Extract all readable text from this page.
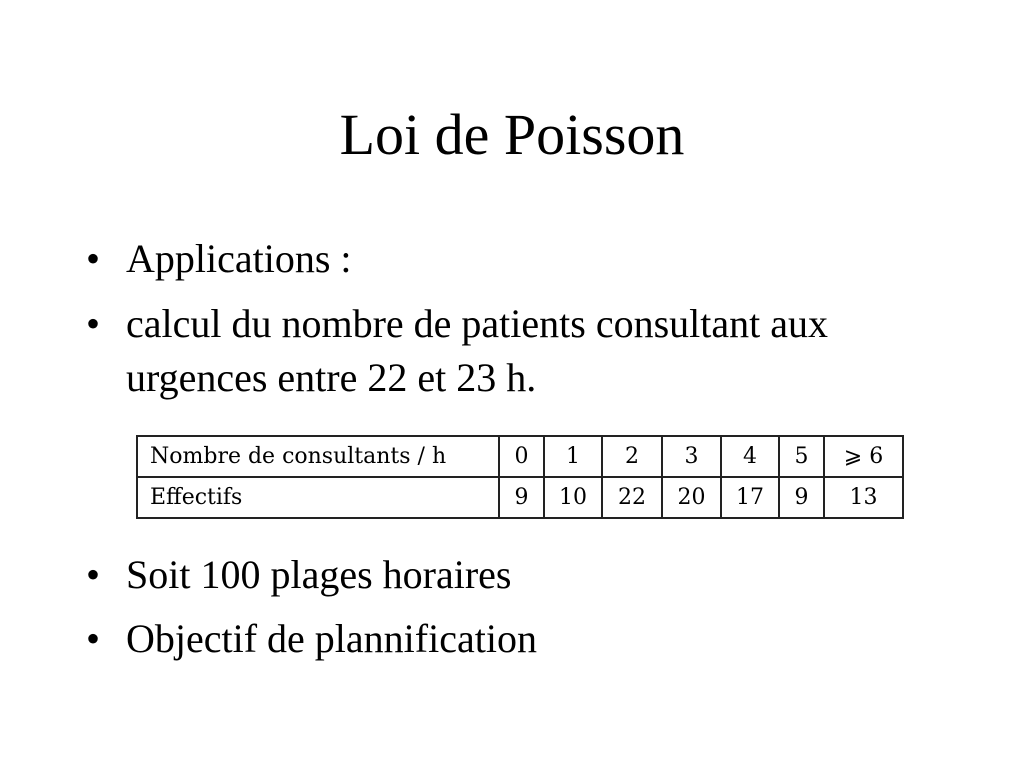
Loi de Poisson
• Applications :
• calcul du nombre de patients consultant aux urgences entre 22 et 23 h.
• Soit 100 plages horaires
• Objectif de plannification
Nombre de consultants / h	0	1	2	3	4	5	⩾ 6
Effectifs	9	10	22	20	17	9	13
